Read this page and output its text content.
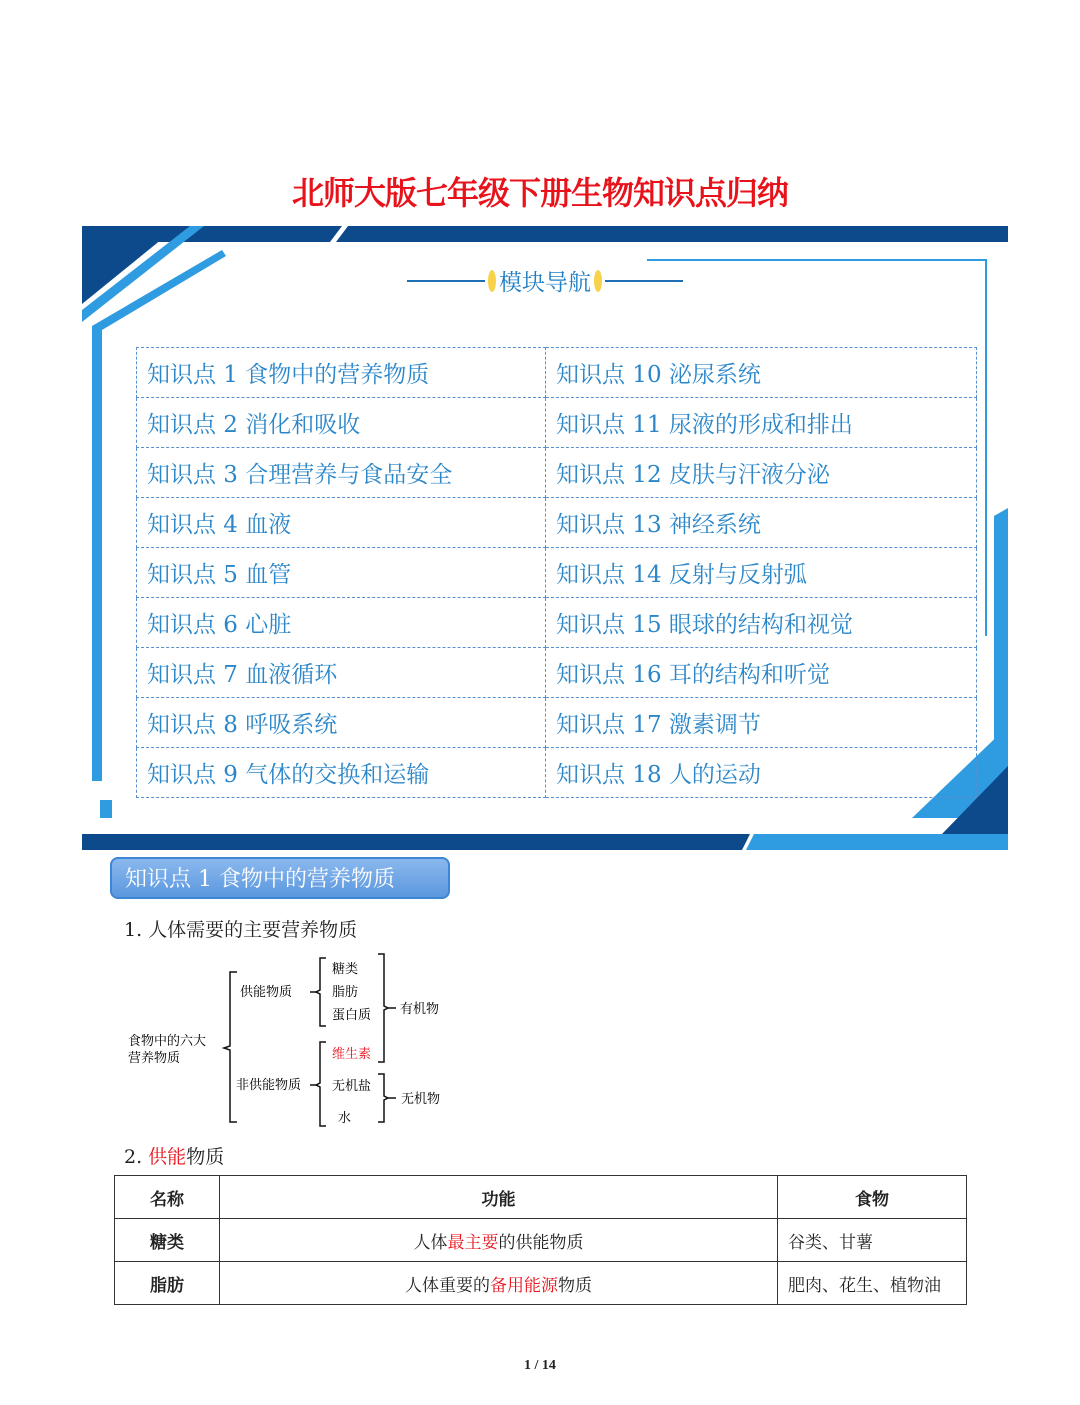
北师大版七年级下册生物知识点归纳
模块导航
知识点 1 食物中的营养物质	知识点 10 泌尿系统
知识点 2 消化和吸收	知识点 11 尿液的形成和排出
知识点 3 合理营养与食品安全	知识点 12 皮肤与汗液分泌
知识点 4 血液	知识点 13 神经系统
知识点 5 血管	知识点 14 反射与反射弧
知识点 6 心脏	知识点 15 眼球的结构和视觉
知识点 7 血液循环	知识点 16 耳的结构和听觉
知识点 8 呼吸系统	知识点 17 激素调节
知识点 9 气体的交换和运输	知识点 18 人的运动
知识点 1 食物中的营养物质
1. 人体需要的主要营养物质
食物中的六大
营养物质
供能物质
非供能物质
糖类
脂肪
蛋白质 有机物
维生素
无机盐
水
无机物
2. 供能物质
名称	功能	食物
糖类	人体最主要的供能物质	谷类、甘薯
脂肪	人体重要的备用能源物质	肥肉、花生、植物油
1 / 14
